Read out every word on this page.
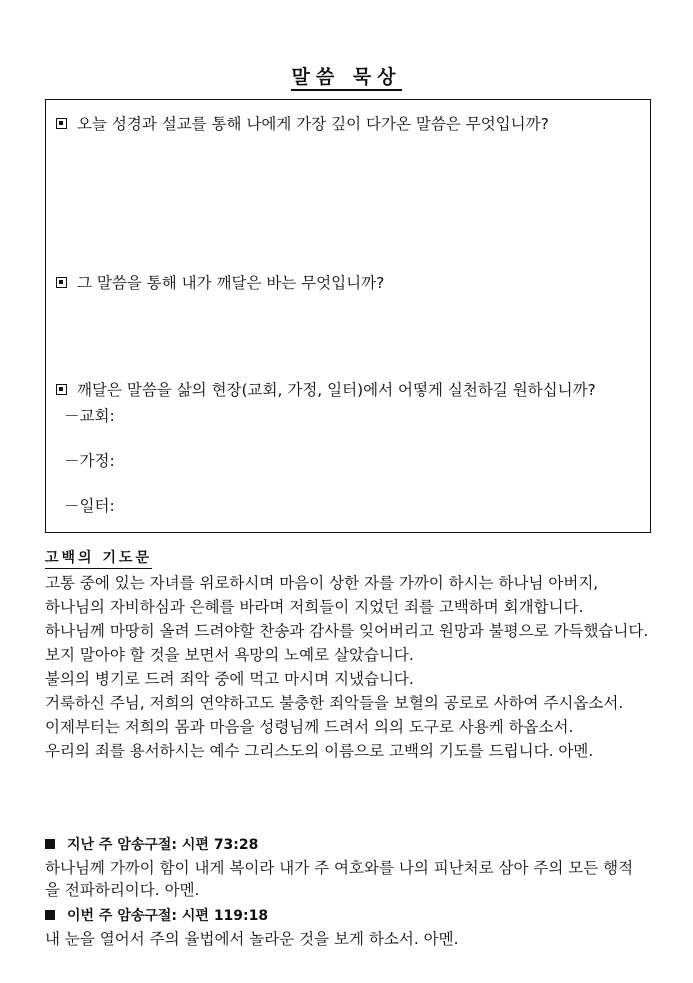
말씀 묵상
오늘 성경과 설교를 통해 나에게 가장 깊이 다가온 말씀은 무엇입니까?
그 말씀을 통해 내가 깨달은 바는 무엇입니까?
깨달은 말씀을 삶의 현장(교회, 가정, 일터)에서 어떻게 실천하길 원하십니까?
－교회:
－가정:
－일터:
고백의 기도문
고통 중에 있는 자녀를 위로하시며 마음이 상한 자를 가까이 하시는 하나님 아버지,
하나님의 자비하심과 은혜를 바라며 저희들이 지었던 죄를 고백하며 회개합니다.
하나님께 마땅히 올려 드려야할 찬송과 감사를 잊어버리고 원망과 불평으로 가득했습니다.
보지 말아야 할 것을 보면서 욕망의 노예로 살았습니다.
불의의 병기로 드려 죄악 중에 먹고 마시며 지냈습니다.
거룩하신 주님, 저희의 연약하고도 불충한 죄악들을 보혈의 공로로 사하여 주시옵소서.
이제부터는 저희의 몸과 마음을 성령님께 드려서 의의 도구로 사용케 하옵소서.
우리의 죄를 용서하시는 예수 그리스도의 이름으로 고백의 기도를 드립니다. 아멘.
지난 주 암송구절:
시편 73:28
하나님께 가까이 함이 내게 복이라 내가 주 여호와를 나의 피난처로 삼아 주의 모든 행적
을 전파하리이다. 아멘.
이번 주 암송구절:
시편 119:18
내 눈을 열어서 주의 율법에서 놀라운 것을 보게 하소서. 아멘.
